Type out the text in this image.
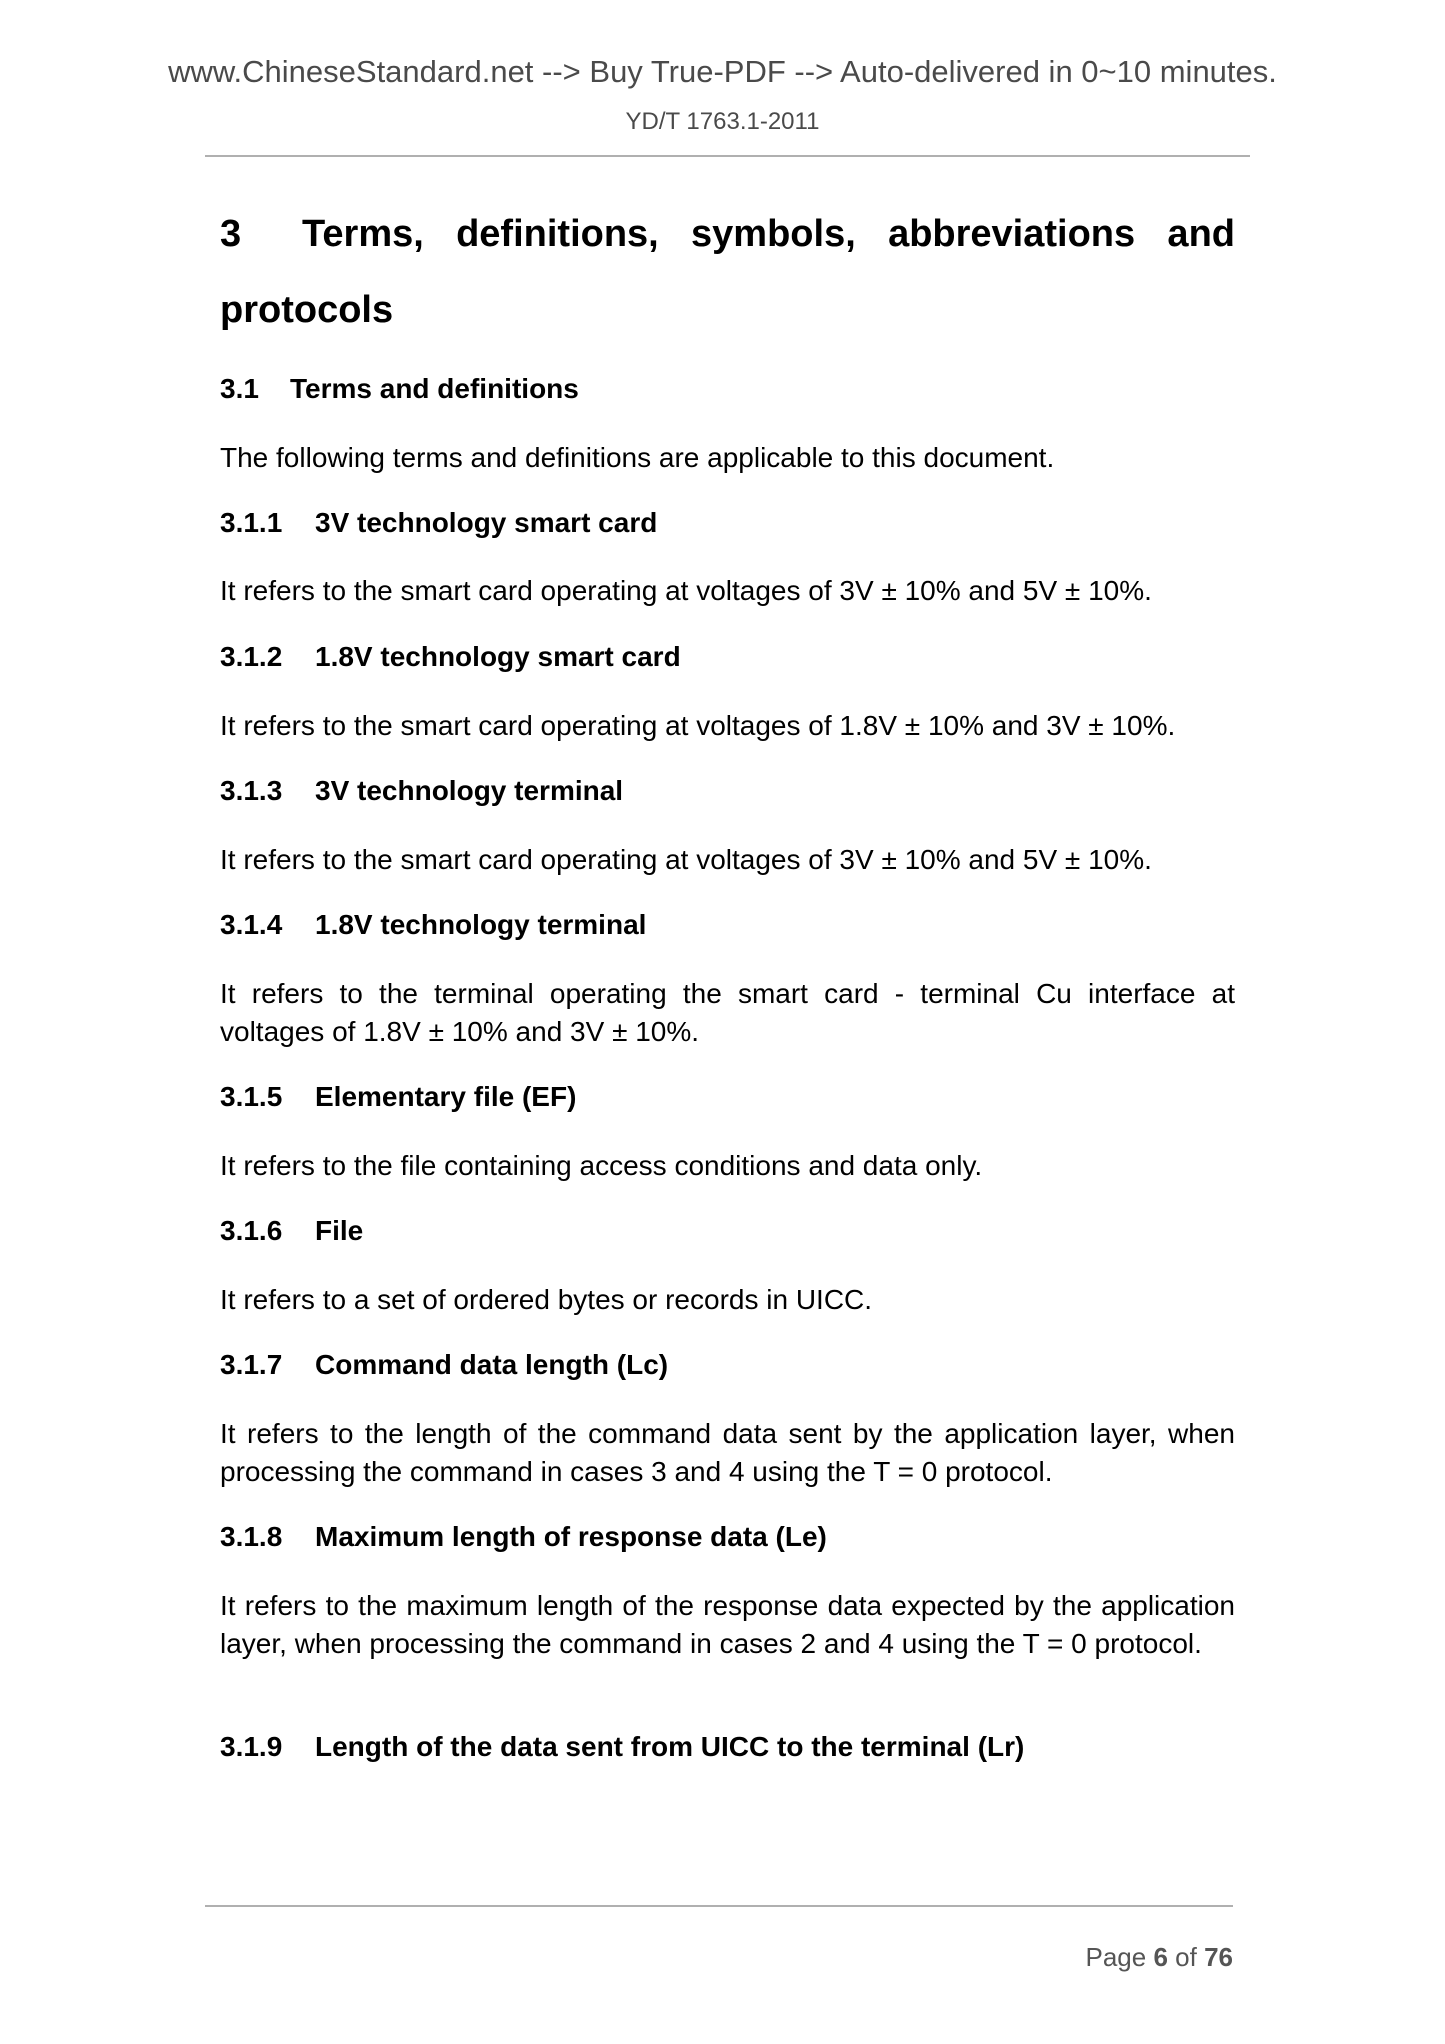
www.ChineseStandard.net --> Buy True-PDF --> Auto-delivered in 0~10 minutes.
YD/T 1763.1-2011
3 Terms, definitions, symbols, abbreviations and
protocols
3.1 Terms and definitions

The following terms and definitions are applicable to this document.

3.1.1 3V technology smart card

It refers to the smart card operating at voltages of 3V ± 10% and 5V ± 10%.

3.1.2 1.8V technology smart card

It refers to the smart card operating at voltages of 1.8V ± 10% and 3V ± 10%.

3.1.3 3V technology terminal

It refers to the smart card operating at voltages of 3V ± 10% and 5V ± 10%.

3.1.4 1.8V technology terminal

It refers to the terminal operating the smart card - terminal Cu interface at voltages of 1.8V ± 10% and 3V ± 10%.

3.1.5 Elementary file (EF)

It refers to the file containing access conditions and data only.

3.1.6 File

It refers to a set of ordered bytes or records in UICC.

3.1.7 Command data length (Lc)

It refers to the length of the command data sent by the application layer, when processing the command in cases 3 and 4 using the T = 0 protocol.

3.1.8 Maximum length of response data (Le)

It refers to the maximum length of the response data expected by the application layer, when processing the command in cases 2 and 4 using the T = 0 protocol.

3.1.9 Length of the data sent from UICC to the terminal (Lr)
Page 6 of 76
